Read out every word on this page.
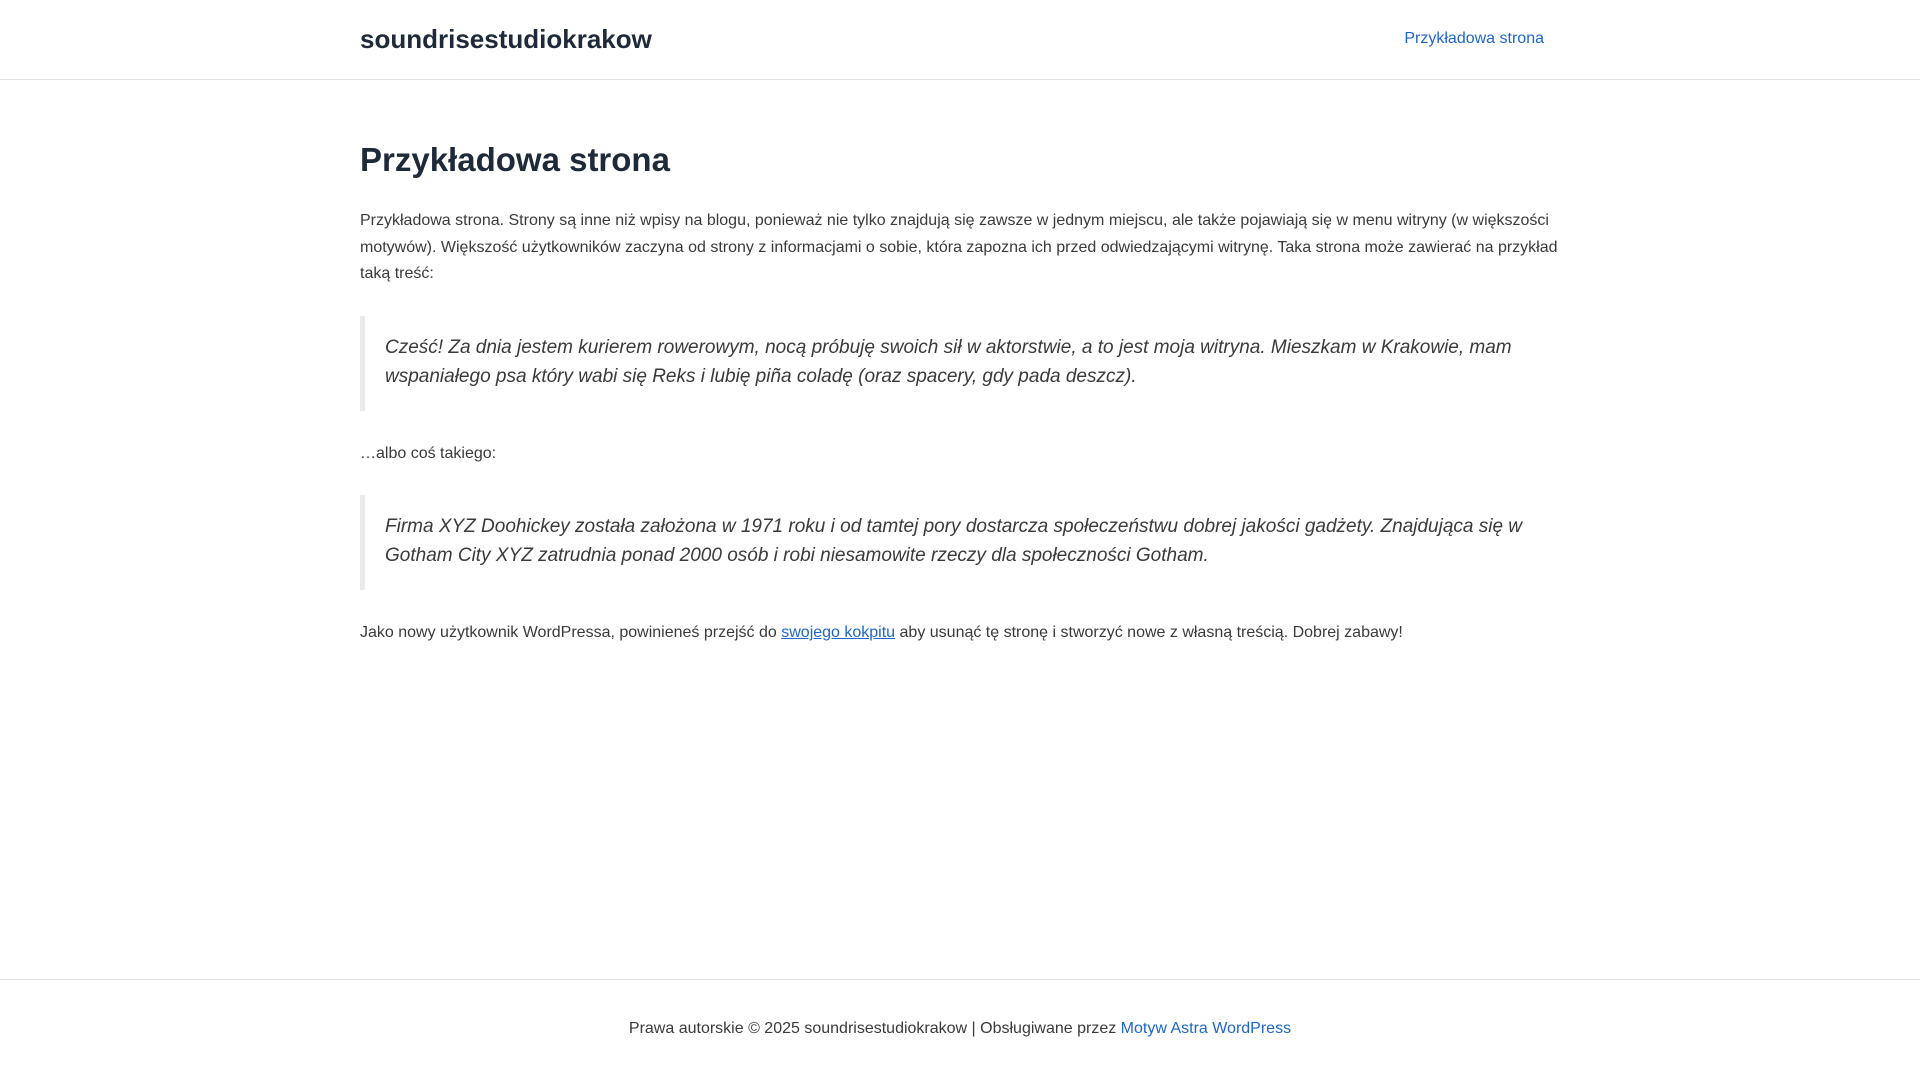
soundrisestudiokrakow	Przykładowa strona
Przykładowa strona

Przykładowa strona. Strony są inne niż wpisy na blogu, ponieważ nie tylko znajdują się zawsze w jednym miejscu, ale także pojawiają się w menu witryny (w większości motywów). Większość użytkowników zaczyna od strony z informacjami o sobie, która zapozna ich przed odwiedzającymi witrynę. Taka strona może zawierać na przykład taką treść:

Cześć! Za dnia jestem kurierem rowerowym, nocą próbuję swoich sił w aktorstwie, a to jest moja witryna. Mieszkam w Krakowie, mam wspaniałego psa który wabi się Reks i lubię piña coladę (oraz spacery, gdy pada deszcz).

…albo coś takiego:

Firma XYZ Doohickey została założona w 1971 roku i od tamtej pory dostarcza społeczeństwu dobrej jakości gadżety. Znajdująca się w Gotham City XYZ zatrudnia ponad 2000 osób i robi niesamowite rzeczy dla społeczności Gotham.

Jako nowy użytkownik WordPressa, powinieneś przejść do swojego kokpitu aby usunąć tę stronę i stworzyć nowe z własną treścią. Dobrej zabawy!

Prawa autorskie © 2025 soundrisestudiokrakow | Obsługiwane przez Motyw Astra WordPress
